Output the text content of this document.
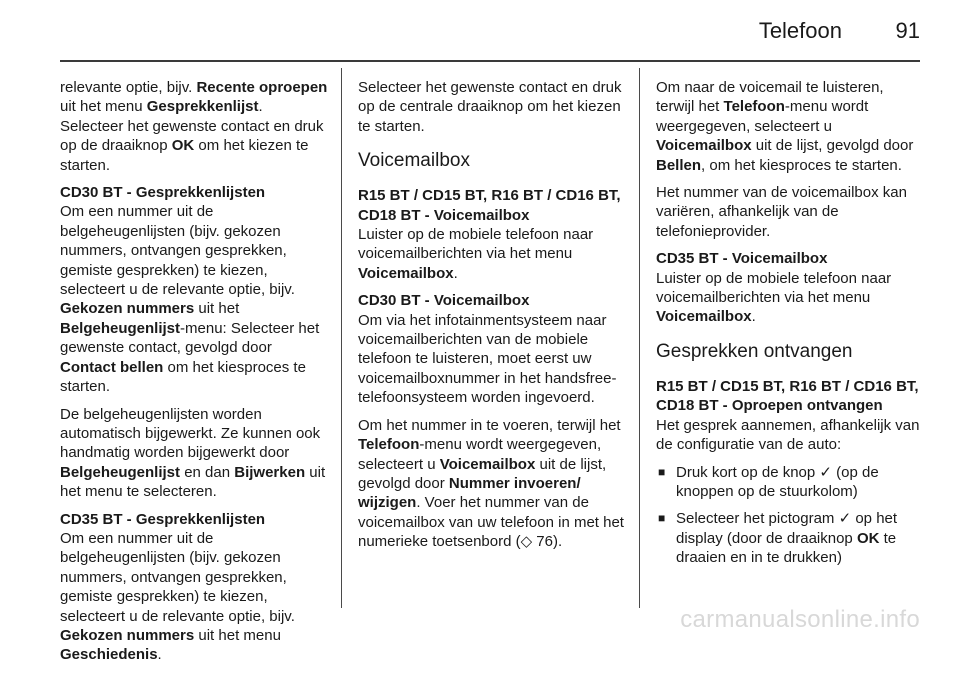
Telefoon 91

relevante optie, bijv. Recente oproepen uit het menu Gesprekkenlijst. Selecteer het gewenste contact en druk op de draaiknop OK om het kiezen te starten.

CD30 BT - Gesprekkenlijsten

Om een nummer uit de belgeheugenlijsten (bijv. gekozen nummers, ontvangen gesprekken, gemiste gesprekken) te kiezen, selecteert u de relevante optie, bijv. Gekozen nummers uit het Belgeheugenlijst-menu: Selecteer het gewenste contact, gevolgd door Contact bellen om het kiesproces te starten.

De belgeheugenlijsten worden automatisch bijgewerkt. Ze kunnen ook handmatig worden bijgewerkt door Belgeheugenlijst en dan Bijwerken uit het menu te selecteren.

CD35 BT - Gesprekkenlijsten

Om een nummer uit de belgeheugenlijsten (bijv. gekozen nummers, ontvangen gesprekken, gemiste gesprekken) te kiezen, selecteert u de relevante optie, bijv. Gekozen nummers uit het menu Geschiedenis.

Selecteer het gewenste contact en druk op de centrale draaiknop om het kiezen te starten.

Voicemailbox

R15 BT / CD15 BT, R16 BT / CD16 BT, CD18 BT - Voicemailbox

Luister op de mobiele telefoon naar voicemailberichten via het menu Voicemailbox.

CD30 BT - Voicemailbox

Om via het infotainmentsysteem naar voicemailberichten van de mobiele telefoon te luisteren, moet eerst uw voicemailboxnummer in het handsfree-telefoonsysteem worden ingevoerd.

Om het nummer in te voeren, terwijl het Telefoon-menu wordt weergegeven, selecteert u Voicemailbox uit de lijst, gevolgd door Nummer invoeren/ wijzigen. Voer het nummer van de voicemailbox van uw telefoon in met het numerieke toetsenbord (◇ 76).

Om naar de voicemail te luisteren, terwijl het Telefoon-menu wordt weergegeven, selecteert u Voicemailbox uit de lijst, gevolgd door Bellen, om het kiesproces te starten.

Het nummer van de voicemailbox kan variëren, afhankelijk van de telefonieprovider.

CD35 BT - Voicemailbox

Luister op de mobiele telefoon naar voicemailberichten via het menu Voicemailbox.

Gesprekken ontvangen

R15 BT / CD15 BT, R16 BT / CD16 BT, CD18 BT - Oproepen ontvangen

Het gesprek aannemen, afhankelijk van de configuratie van de auto:

■ Druk kort op de knop ✓ (op de knoppen op de stuurkolom)
■ Selecteer het pictogram ✓ op het display (door de draaiknop OK te draaien en in te drukken)
carmanualsonline.info
